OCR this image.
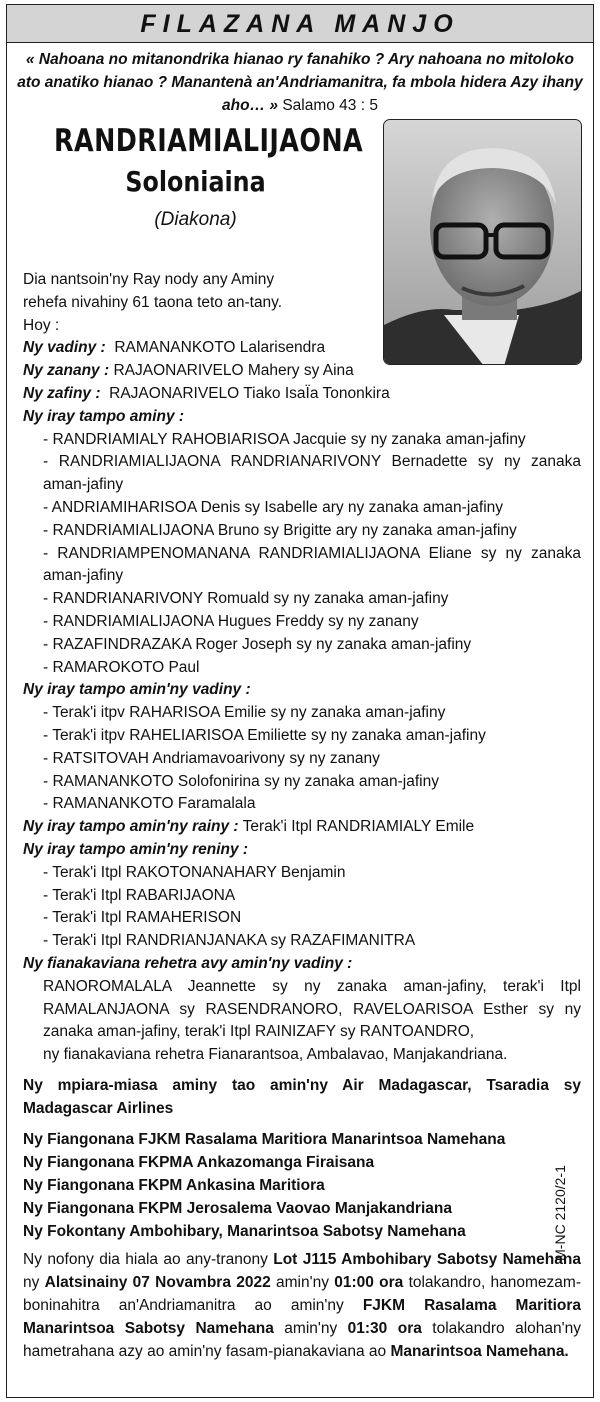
FILAZANA MANJO
« Nahoana no mitanondrika hianao ry fanahiko ? Ary nahoana no mitoloko ato anatiko hianao ? Manantenà an'Andriamanitra, fa mbola hidera Azy ihany aho… » Salamo 43 : 5
RANDRIAMIALIJAONA
Soloniaina
(Diakona)
Dia nantsoin'ny Ray nody any Aminy
rehefa nivahiny 61 taona teto an-tany.
Hoy :
Ny vadiny : RAMANANKOTO Lalarisendra
Ny zanany : RAJAONARIVELO Mahery sy Aina
Ny zafiny : RAJAONARIVELO Tiako IsaÏa Tononkira
Ny iray tampo aminy :
- RANDRIAMIALY RAHOBIARISOA Jacquie sy ny zanaka aman-jafiny
- RANDRIAMIALIJAONA RANDRIANARIVONY Bernadette sy ny zanaka aman-jafiny
- ANDRIAMIHARISOA Denis sy Isabelle ary ny zanaka aman-jafiny
- RANDRIAMIALIJAONA Bruno sy Brigitte ary ny zanaka aman-jafiny
- RANDRIAMPENOMANANA RANDRIAMIALIJAONA Eliane sy ny zanaka aman-jafiny
- RANDRIANARIVONY Romuald sy ny zanaka aman-jafiny
- RANDRIAMIALIJAONA Hugues Freddy sy ny zanany
- RAZAFINDRAZAKA Roger Joseph sy ny zanaka aman-jafiny
- RAMAROKOTO Paul
Ny iray tampo amin'ny vadiny :
- Terak'i itpv RAHARISOA Emilie sy ny zanaka aman-jafiny
- Terak'i itpv RAHELIARISOA Emiliette sy ny zanaka aman-jafiny
- RATSITOVAH Andriamavoarivony sy ny zanany
- RAMANANKOTO Solofonirina sy ny zanaka aman-jafiny
- RAMANANKOTO Faramalala
Ny iray tampo amin'ny rainy : Terak'i Itpl RANDRIAMIALY Emile
Ny iray tampo amin'ny reniny :
- Terak'i Itpl RAKOTONANAHARY Benjamin
- Terak'i Itpl RABARIJAONA
- Terak'i Itpl RAMAHERISON
- Terak'i Itpl RANDRIANJANAKA sy RAZAFIMANITRA
Ny fianakaviana rehetra avy amin'ny vadiny :
RANOROMALALA Jeannette sy ny zanaka aman-jafiny, terak'i Itpl RAMALANJAONA sy RASENDRANORO, RAVELOARISOA Esther sy ny zanaka aman-jafiny, terak'i Itpl RAINIZAFY sy RANTOANDRO,
ny fianakaviana rehetra Fianarantsoa, Ambalavao, Manjakandriana.
Ny mpiara-miasa aminy tao amin'ny Air Madagascar, Tsaradia sy Madagascar Airlines
Ny Fiangonana FJKM Rasalama Maritiora Manarintsoa Namehana
Ny Fiangonana FKPMA Ankazomanga Firaisana
Ny Fiangonana FKPM Ankasina Maritiora
Ny Fiangonana FKPM Jerosalema Vaovao Manjakandriana
Ny Fokontany Ambohibary, Manarintsoa Sabotsy Namehana
Ny nofony dia hiala ao any-tranony Lot J115 Ambohibary Sabotsy Namehana ny Alatsinainy 07 Novambra 2022 amin'ny 01:00 ora tolakandro, hanomezam-boninahitra an'Andriamanitra ao amin'ny FJKM Rasalama Maritiora Manarintsoa Sabotsy Namehana amin'ny 01:30 ora tolakandro alohan'ny hametrahana azy ao amin'ny fasam-pianakaviana ao Manarintsoa Namehana.
M-NC 2120/2-1
